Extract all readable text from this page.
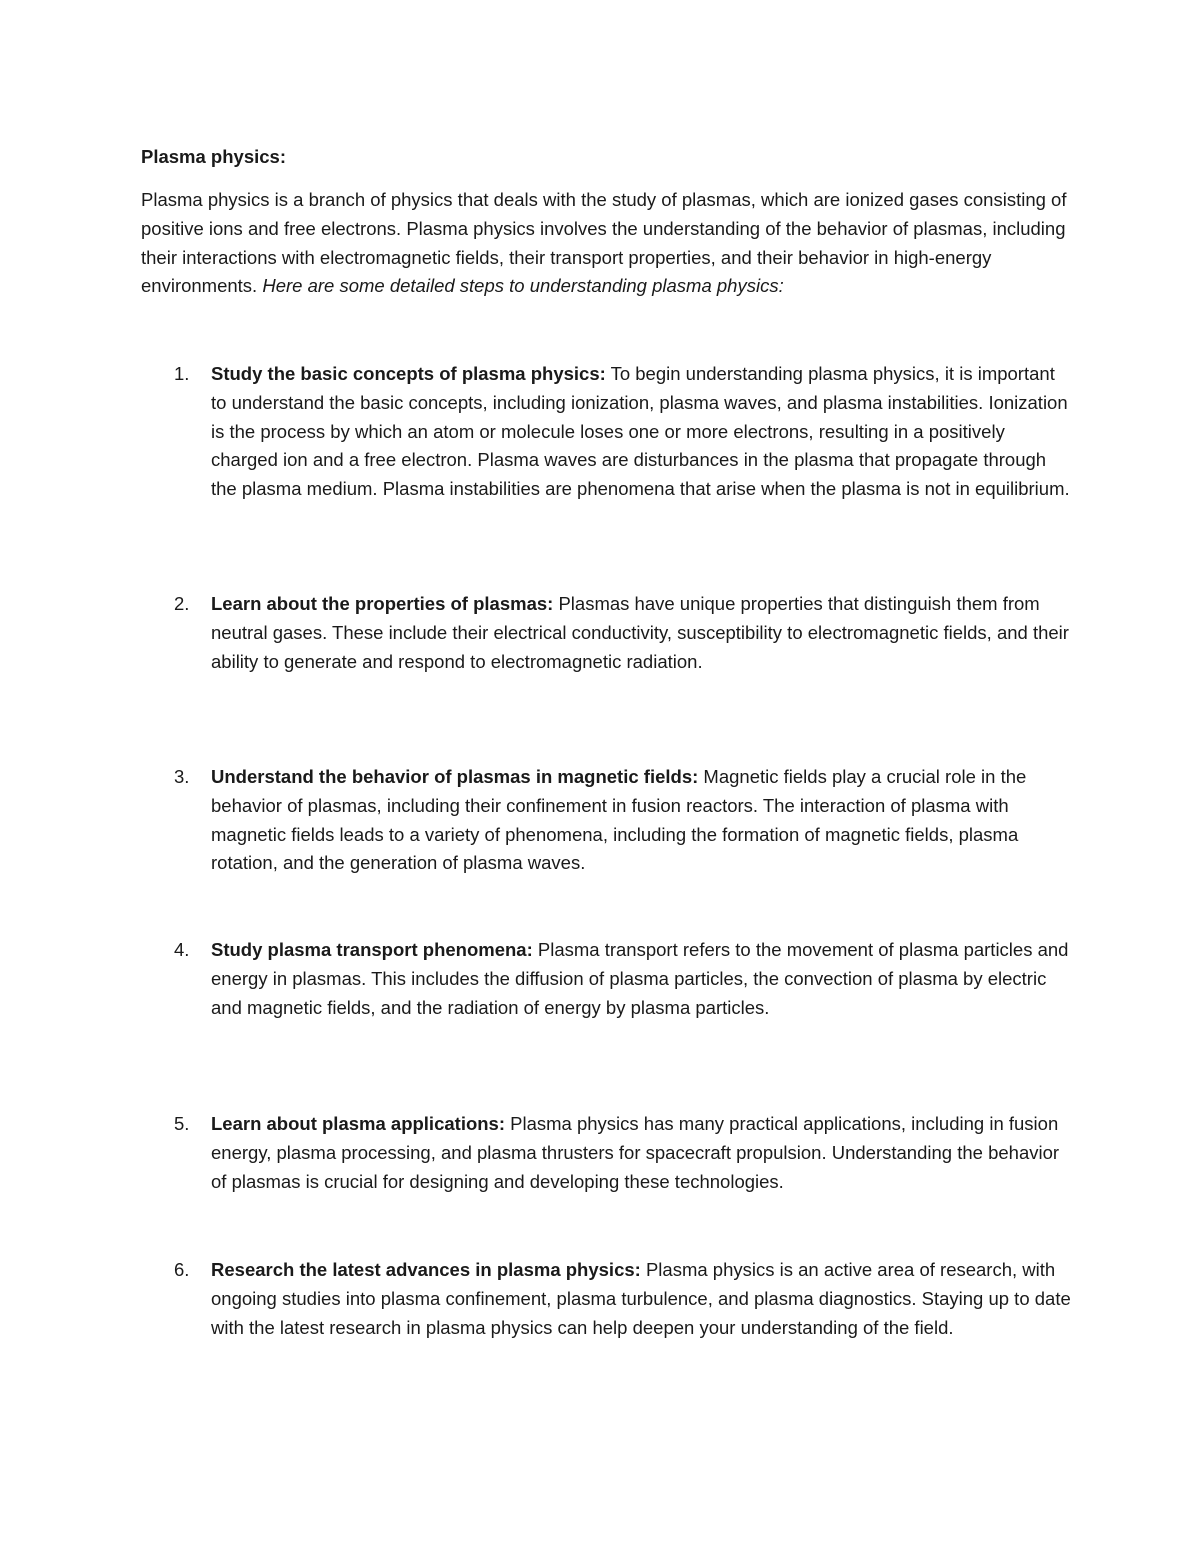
Plasma physics:

Plasma physics is a branch of physics that deals with the study of plasmas, which are ionized gases consisting of positive ions and free electrons. Plasma physics involves the understanding of the behavior of plasmas, including their interactions with electromagnetic fields, their transport properties, and their behavior in high-energy environments. Here are some detailed steps to understanding plasma physics:

1.	Study the basic concepts of plasma physics: To begin understanding plasma physics, it is important to understand the basic concepts, including ionization, plasma waves, and plasma instabilities. Ionization is the process by which an atom or molecule loses one or more electrons, resulting in a positively charged ion and a free electron. Plasma waves are disturbances in the plasma that propagate through the plasma medium. Plasma instabilities are phenomena that arise when the plasma is not in equilibrium.

2.	Learn about the properties of plasmas: Plasmas have unique properties that distinguish them from neutral gases. These include their electrical conductivity, susceptibility to electromagnetic fields, and their ability to generate and respond to electromagnetic radiation.

3.	Understand the behavior of plasmas in magnetic fields: Magnetic fields play a crucial role in the behavior of plasmas, including their confinement in fusion reactors. The interaction of plasma with magnetic fields leads to a variety of phenomena, including the formation of magnetic fields, plasma rotation, and the generation of plasma waves.

4.	Study plasma transport phenomena: Plasma transport refers to the movement of plasma particles and energy in plasmas. This includes the diffusion of plasma particles, the convection of plasma by electric and magnetic fields, and the radiation of energy by plasma particles.

5.	Learn about plasma applications: Plasma physics has many practical applications, including in fusion energy, plasma processing, and plasma thrusters for spacecraft propulsion. Understanding the behavior of plasmas is crucial for designing and developing these technologies.

6.	Research the latest advances in plasma physics: Plasma physics is an active area of research, with ongoing studies into plasma confinement, plasma turbulence, and plasma diagnostics. Staying up to date with the latest research in plasma physics can help deepen your understanding of the field.
